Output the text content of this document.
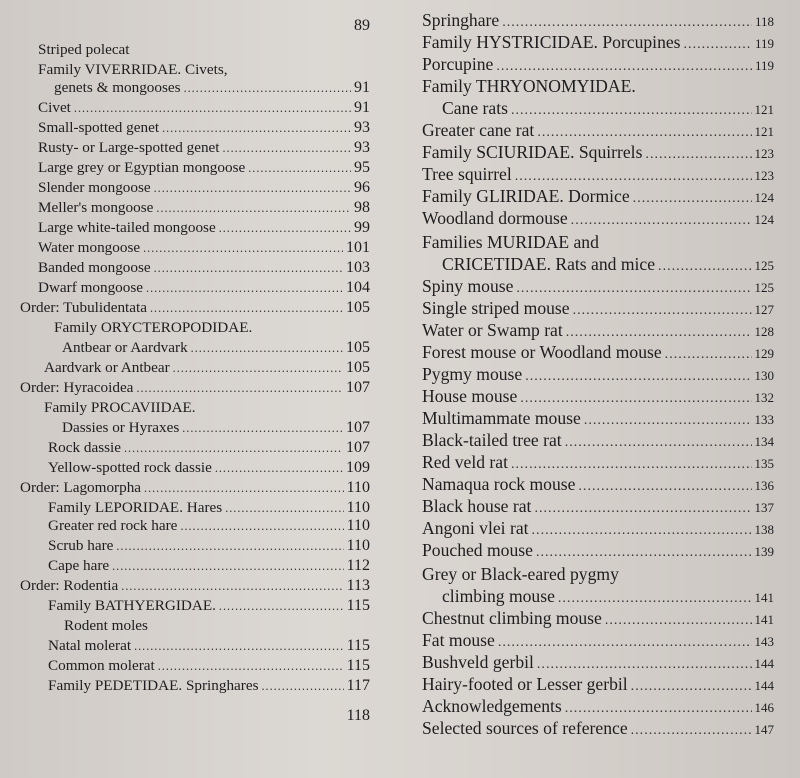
89
Striped polecat
Family VIVERRIDAE. Civets,
genets & mongooses .....	91
Civet .....	91
Small-spotted genet .....	93
Rusty- or Large-spotted genet .....	93
Large grey or Egyptian mongoose .....	95
Slender mongoose .....	96
Meller's mongoose .....	98
Large white-tailed mongoose .....	99
Water mongoose .....	101
Banded mongoose .....	103
Dwarf mongoose .....	104
Order: Tubulidentata .....	105
Family ORYCTEROPODIDAE.
Antbear or Aardvark .....	105
Aardvark or Antbear .....	105
Order: Hyracoidea .....	107
Family PROCAVIIDAE.
Dassies or Hyraxes .....	107
Rock dassie .....	107
Yellow-spotted rock dassie .....	109
Order: Lagomorpha .....	110
Family LEPORIDAE. Hares .....	110
Greater red rock hare .....	110
Scrub hare .....	110
Cape hare .....	112
Order: Rodentia .....	113
Family BATHYERGIDAE. .....	115
Rodent moles
Natal molerat .....	115
Common molerat .....	115
Family PEDETIDAE. Springhares .....	117
118
Springhare .....	118
Family HYSTRICIDAE. Porcupines .....	119
Porcupine .....	119
Family THRYONOMYIDAE.
Cane rats .....	121
Greater cane rat .....	121
Family SCIURIDAE. Squirrels .....	123
Tree squirrel .....	123
Family GLIRIDAE. Dormice .....	124
Woodland dormouse .....	124
Families MURIDAE and
CRICETIDAE. Rats and mice .....	125
Spiny mouse .....	125
Single striped mouse .....	127
Water or Swamp rat .....	128
Forest mouse or Woodland mouse .....	129
Pygmy mouse .....	130
House mouse .....	132
Multimammate mouse .....	133
Black-tailed tree rat .....	134
Red veld rat .....	135
Namaqua rock mouse .....	136
Black house rat .....	137
Angoni vlei rat .....	138
Pouched mouse .....	139
Grey or Black-eared pygmy
climbing mouse .....	141
Chestnut climbing mouse .....	141
Fat mouse .....	143
Bushveld gerbil .....	144
Hairy-footed or Lesser gerbil .....	144
Acknowledgements .....	146
Selected sources of reference .....	147
